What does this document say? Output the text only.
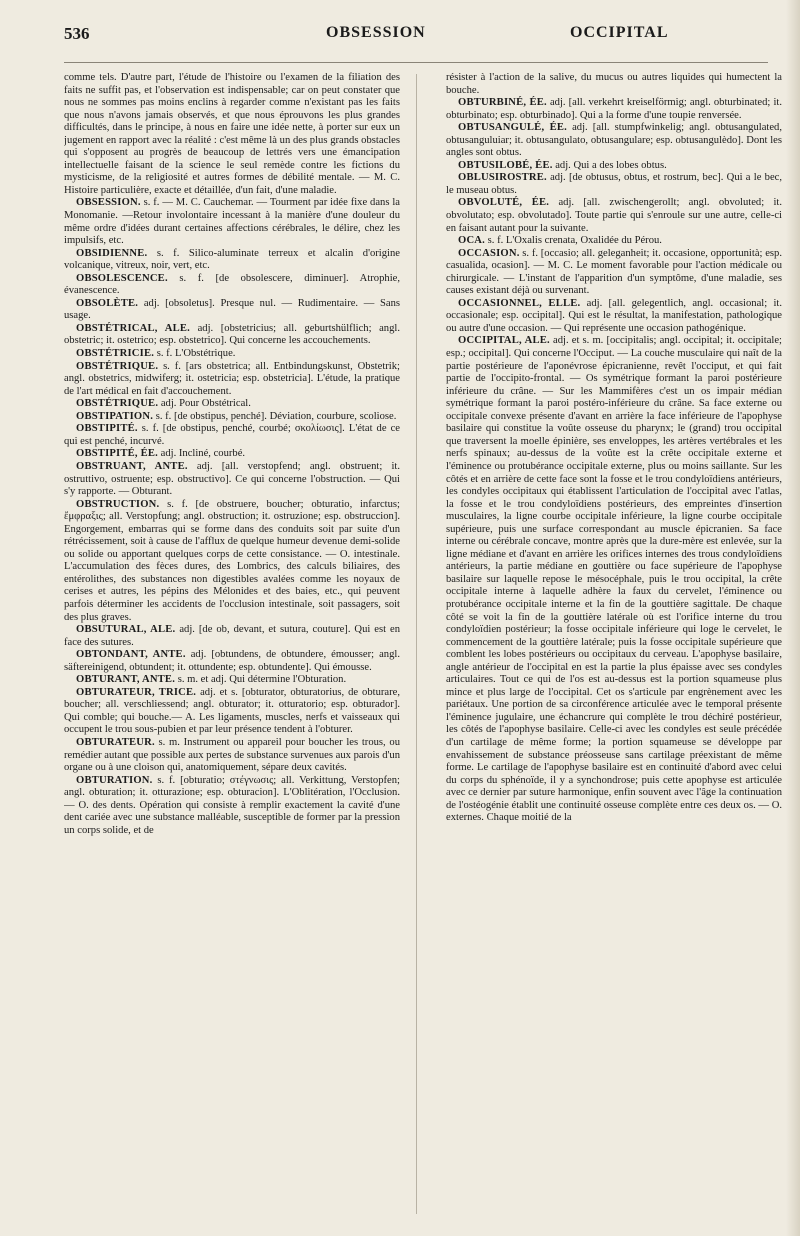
536	OBSESSION	OCCIPITAL

comme tels. D'autre part, l'étude de l'histoire ou l'examen de la filiation des faits ne suffit pas, et l'observation est indispensable; car on peut constater que nous ne sommes pas moins enclins à regarder comme n'existant pas les faits que nous n'avons jamais observés, et que nous éprouvons les plus grandes difficultés, dans le principe, à nous en faire une idée nette, à porter sur eux un jugement en rapport avec la réalité : c'est même là un des plus grands obstacles qui s'opposent au progrès de beaucoup de lettrés vers une émancipation intellectuelle faisant de la science le seul remède contre les fictions du mysticisme, de la religiosité et autres formes de débilité mentale. — M. C. Histoire particulière, exacte et détaillée, d'un fait, d'une maladie.

OBSESSION. s. f. — M. C. Cauchemar. — Tourment par idée fixe dans la Monomanie. —Retour involontaire incessant à la manière d'une douleur du même ordre d'idées durant certaines affections cérébrales, le délire, chez les impulsifs, etc.

OBSIDIENNE. s. f. Silico-aluminate terreux et alcalin d'origine volcanique, vitreux, noir, vert, etc.

OBSOLESCENCE. s. f. [de obsolescere, diminuer]. Atrophie, évanescence.

OBSOLÈTE. adj. [obsoletus]. Presque nul. — Rudimentaire. — Sans usage.

OBSTÉTRICAL, ALE. adj. [obstetricius; all. geburtshülflich; angl. obstetric; it. ostetrico; esp. obstetrico]. Qui concerne les accouchements.

OBSTÉTRICIE. s. f. L'Obstétrique.

OBSTÉTRIQUE. s. f. [ars obstetrica; all. Entbindungskunst, Obstetrik; angl. obstetrics, midwiferg; it. ostetricia; esp. obstetricia]. L'étude, la pratique de l'art médical en fait d'accouchement.

OBSTÉTRIQUE. adj. Pour Obstétrical.

OBSTIPATION. s. f. [de obstipus, penché]. Déviation, courbure, scoliose.

OBSTIPITÉ. s. f. [de obstipus, penché, courbé; σκολίωσις]. L'état de ce qui est penché, incurvé.

OBSTIPITÉ, ÉE. adj. Incliné, courbé.

OBSTRUANT, ANTE. adj. [all. verstopfend; angl. obstruent; it. ostruttivo, ostruente; esp. obstructivo]. Ce qui concerne l'obstruction. — Qui s'y rapporte. — Obturant.

OBSTRUCTION. s. f. [de obstruere, boucher; obturatio, infarctus; ἔμφραξις; all. Verstopfung; angl. obstruction; it. ostruzione; esp. obstruccion]. Engorgement, embarras qui se forme dans des conduits soit par suite d'un rétrécissement, soit à cause de l'afflux de quelque humeur devenue demi-solide ou solide ou apportant quelques corps de cette consistance. — O. intestinale. L'accumulation des fèces dures, des Lombrics, des calculs biliaires, des entérolithes, des substances non digestibles avalées comme les noyaux de cerises et autres, les pépins des Mélonides et des baies, etc., qui peuvent parfois déterminer les accidents de l'occlusion intestinale, soit passagers, soit des plus graves.

OBSUTURAL, ALE. adj. [de ob, devant, et sutura, couture]. Qui est en face des sutures.

OBTONDANT, ANTE. adj. [obtundens, de obtundere, émousser; angl. säftereinigend, obtundent; it. ottundente; esp. obtundente]. Qui émousse.

OBTURANT, ANTE. s. m. et adj. Qui détermine l'Obturation.

OBTURATEUR, TRICE. adj. et s. [obturator, obturatorius, de obturare, boucher; all. verschliessend; angl. obturator; it. otturatorio; esp. obturador]. Qui comble; qui bouche.— A. Les ligaments, muscles, nerfs et vaisseaux qui occupent le trou sous-pubien et par leur présence tendent à l'obturer.

OBTURATEUR. s. m. Instrument ou appareil pour boucher les trous, ou remédier autant que possible aux pertes de substance survenues aux parois d'un organe ou à une cloison qui, anatomiquement, sépare deux cavités.

OBTURATION. s. f. [obturatio; στέγνωσις; all. Verkittung, Verstopfen; angl. obturation; it. otturazione; esp. obturacion]. L'Oblitération, l'Occlusion. — O. des dents. Opération qui consiste à remplir exactement la cavité d'une dent cariée avec une substance malléable, susceptible de former par la pression un corps solide, et de

résister à l'action de la salive, du mucus ou autres liquides qui humectent la bouche.

OBTURBINÉ, ÉE. adj. [all. verkehrt kreiselförmig; angl. obturbinated; it. obturbinato; esp. obturbinado]. Qui a la forme d'une toupie renversée.

OBTUSANGULÉ, ÉE. adj. [all. stumpfwinkelig; angl. obtusangulated, obtusanguluiar; it. obtusangulato, obtusangulare; esp. obtusangulèdo]. Dont les angles sont obtus.

OBTUSILOBÉ, ÉE. adj. Qui a des lobes obtus.

OBLUSIROSTRE. adj. [de obtusus, obtus, et rostrum, bec]. Qui a le bec, le museau obtus.

OBVOLUTÉ, ÉE. adj. [all. zwischengerollt; angl. obvoluted; it. obvolutato; esp. obvolutado]. Toute partie qui s'enroule sur une autre, celle-ci en faisant autant pour la suivante.

OCA. s. f. L'Oxalis crenata, Oxalidée du Pérou.

OCCASION. s. f. [occasio; all. geleganheit; it. occasione, opportunità; esp. casualida, ocasion]. — M. C. Le moment favorable pour l'action médicale ou chirurgicale. — L'instant de l'apparition d'un symptôme, d'une maladie, ses causes existant déjà ou survenant.

OCCASIONNEL, ELLE. adj. [all. gelegentlich, angl. occasional; it. occasionale; esp. occipital]. Qui est le résultat, la manifestation, pathologique ou autre d'une occasion. — Qui représente une occasion pathogénique.

OCCIPITAL, ALE. adj. et s. m. [occipitalis; angl. occipital; it. occipitale; esp.; occipital]. Qui concerne l'Occiput. — La couche musculaire qui naît de la partie postérieure de l'aponévrose épicranienne, revêt l'occiput, et qui fait partie de l'occipito-frontal. — Os symétrique formant la paroi postérieure inférieure du crâne. — Sur les Mammifères c'est un os impair médian symétrique formant la paroi postéro-inférieure du crâne. Sa face externe ou occipitale convexe présente d'avant en arrière la face inférieure de l'apophyse basilaire qui constitue la voûte osseuse du pharynx; le (grand) trou occipital que traversent la moelle épinière, ses enveloppes, les artères vertébrales et les nerfs spinaux; au-dessus de la voûte est la crête occipitale externe et l'éminence ou protubérance occipitale externe, plus ou moins saillante. Sur les côtés et en arrière de cette face sont la fosse et le trou condyloïdiens antérieurs, les condyles occipitaux qui établissent l'articulation de l'occipital avec l'atlas, la fosse et le trou condyloïdiens postérieurs, des empreintes d'insertion musculaires, la ligne courbe occipitale inférieure, la ligne courbe occipitale supérieure, puis une surface correspondant au muscle épicranien. Sa face interne ou cérébrale concave, montre après que la dure-mère est enlevée, sur la ligne médiane et d'avant en arrière les orifices internes des trous condyloïdiens antérieurs, la partie médiane en gouttière ou face supérieure de l'apophyse basilaire sur laquelle repose le mésocéphale, puis le trou occipital, la crête occipitale interne à laquelle adhère la faux du cervelet, l'éminence ou protubérance occipitale interne et la fin de la gouttière sagittale. De chaque côté se voit la fin de la gouttière latérale où est l'orifice interne du trou condyloïdien postérieur; la fosse occipitale inférieure qui loge le cervelet, le commencement de la gouttière latérale; puis la fosse occipitale supérieure que comblent les lobes postérieurs ou occipitaux du cerveau. L'apophyse basilaire, angle antérieur de l'occipital en est la partie la plus épaisse avec ses condyles articulaires. Tout ce qui de l'os est au-dessus est la portion squameuse plus mince et plus large de l'occipital. Cet os s'articule par engrènement avec les pariétaux. Une portion de sa circonférence articulée avec le temporal présente l'éminence jugulaire, une échancrure qui complète le trou déchiré postérieur, les côtés de l'apophyse basilaire. Celle-ci avec les condyles est seule précédée d'un cartilage de même forme; la portion squameuse se développe par envahissement de substance préosseuse sans cartilage préexistant de même forme. Le cartilage de l'apophyse basilaire est en continuité d'abord avec celui du corps du sphénoïde, il y a synchondrose; puis cette apophyse est articulée avec ce dernier par suture harmonique, enfin souvent avec l'âge la continuation de l'ostéogénie établit une continuité osseuse complète entre ces deux os. — O. externes. Chaque moitié de la
